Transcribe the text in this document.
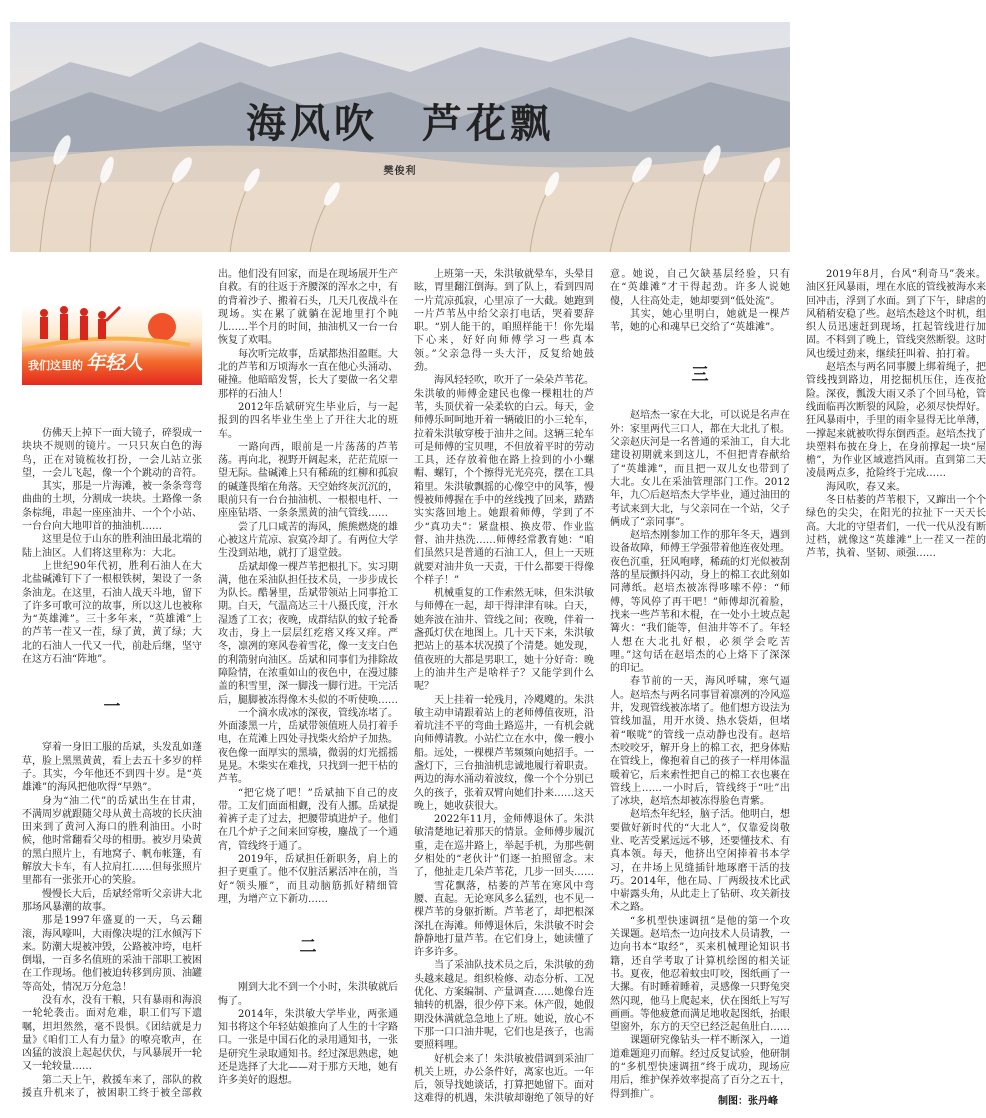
海风吹　芦花飘
樊俊利
我们这里的 年轻人

仿佛天上掉下一面大镜子，碎裂成一块块不规则的镜片。一只只灰白色的海鸟，正在对镜梳妆打扮，一会儿站立张望，一会儿飞起，像一个个跳动的音符。

其实，那是一片海滩，被一条条弯弯曲曲的土坝，分割成一块块。土路像一条条棕绳，串起一座座油井、一个个小站、一台台向大地叩首的抽油机……

这里是位于山东的胜利油田最北端的陆上油区。人们将这里称为：大北。

上世纪90年代初，胜利石油人在大北盐碱滩钉下了一根根铁树，架设了一条条油龙。在这里，石油人战天斗地，留下了许多可歌可泣的故事，所以这儿也被称为“英雄滩”。三十多年来，“英雄滩”上的芦苇一茬又一茬，绿了黄，黄了绿；大北的石油人一代又一代，前赴后继，坚守在这方石油“阵地”。

一

穿着一身旧工服的岳斌，头发乱如蓬草，脸上黑黑黄黄，看上去五十多岁的样子。其实，今年他还不到四十岁。是“英雄滩”的海风把他吹得“早熟”。

身为“油二代”的岳斌出生在甘肃，不满周岁就跟随父母从黄土高坡的长庆油田来到了黄河入海口的胜利油田。小时候，他时常翻看父母的相册。被岁月染黄的黑白照片上，有地窝子、帆布帐篷，有解放大卡车，有人拉肩扛……但每张照片里都有一张张开心的笑脸。

慢慢长大后，岳斌经常听父亲讲大北那场风暴潮的故事。

那是1997年盛夏的一天，乌云翻滚，海风嚎叫，大雨像决堤的江水倾泻下来。防潮大堤被冲毁，公路被冲垮，电杆倒塌，一百多名值班的采油干部职工被困在工作现场。他们被迫转移到房顶、油罐等高处，情况万分危急！

没有水，没有干粮，只有暴雨和海浪一轮轮袭击。面对危难，职工们写下遗嘱，坦坦然然，毫不畏惧。《团结就是力量》《咱们工人有力量》的嘹亮歌声，在凶猛的波浪上起起伏伏，与风暴展开一轮又一轮较量……

第二天上午，救援车来了，部队的救援直升机来了，被困职工终于被全部救出。他们没有回家，而是在现场展开生产自救。有的往返于齐腰深的浑水之中，有的背着沙子、搬着石头，几天几夜战斗在现场。实在累了就躺在泥地里打个盹儿……半个月的时间，抽油机又一台一台恢复了欢唱。

每次听完故事，岳斌都热泪盈眶。大北的芦苇和万顷海水一直在他心头涌动、碰撞。他暗暗发誓，长大了要做一名父辈那样的石油人！

2012年岳斌研究生毕业后，与一起报到的四名毕业生坐上了开往大北的班车。

一路向西，眼前是一片荡荡的芦苇荡。再向北，视野开阔起来，茫茫荒原一望无际。盐碱滩上只有稀疏的红柳和孤寂的碱蓬畏缩在角落。天空始终灰沉沉的，眼前只有一台台抽油机、一根根电杆、一座座钻塔、一条条黑黄的油气管线……

尝了几口咸苦的海风，熊熊燃烧的雄心被这片荒凉、寂寞冷却了。有两位大学生没到站地，就打了退堂鼓。

岳斌却像一棵芦苇把根扎下。实习期满，他在采油队担任技术员，一步步成长为队长。酷暑里，岳斌带领站上同事抢工期。白天，气温高达三十八摄氏度，汗水湿透了工衣；夜晚，成群结队的蚊子轮番攻击，身上一层层红疙瘩又疼又痒。严冬，凛冽的寒风卷着雪花，像一支支白色的利箭射向油区。岳斌和同事们为排除故障险情，在浓重如山的夜色中，在漫过膝盖的积雪里，深一脚浅一脚行进。干完活后，腿脚被冻得像木头似的不听使唤……

一个滴水成冰的深夜，管线冻堵了。外面漆黑一片，岳斌带领值班人员打着手电，在荒滩上四处寻找柴火给炉子加热。夜色像一面厚实的黑墙，微弱的灯光摇摇晃晃。木柴实在难找，只找到一把干枯的芦苇。

“把它烧了吧！”岳斌抽下自己的皮带。工友们面面相觑，没有人挪。岳斌提着裤子走了过去，把腰带填进炉子。他们在几个炉子之间来回穿梭，鏖战了一个通宵，管线终于通了。

2019年，岳斌担任新职务，肩上的担子更重了。他不仅脏活累活冲在前，当好“领头雁”，而且动脑筋抓好精细管理，为增产立下新功……

二

刚到大北不到一个小时，朱洪敏就后悔了。

2014年，朱洪敏大学毕业，两张通知书将这个年轻姑娘推向了人生的十字路口。一张是中国石化的录用通知书，一张是研究生录取通知书。经过深思熟虑，她还是选择了大北——对于那方天地，她有许多美好的遐想。

上班第一天，朱洪敏就晕车，头晕目眩，胃里翻江倒海。到了队上，看到四周一片荒凉孤寂，心里凉了一大截。她跑到一片芦苇丛中给父亲打电话，哭着要辞职。“别人能干的，咱照样能干！你先塌下心来，好好向师傅学习一些真本领。”父亲急得一头大汗，反复给她鼓劲。

海风轻轻吹，吹开了一朵朵芦苇花。朱洪敏的师傅金建民也像一棵粗壮的芦苇，头顶伏着一朵柔软的白云。每天，金师傅乐呵呵地开着一辆破旧的小三轮车，拉着朱洪敏穿梭于油井之间。这辆三轮车可是师傅的宝贝哩，不但放着平时的劳动工具，还存放着他在路上捡到的小小螺帽、螺钉，个个擦得光光亮亮，摆在工具箱里。朱洪敏飘摇的心像空中的风筝，慢慢被师傅握在手中的丝线拽了回来，踏踏实实落回地上。她跟着师傅，学到了不少“真功夫”：紧盘根、换皮带、作业监督、油井热洗……师傅经常教育她：“咱们虽然只是普通的石油工人，但上一天班就要对油井负一天责，干什么都要干得像个样子！”

机械重复的工作索然无味，但朱洪敏与师傅在一起，却干得津津有味。白天，她奔波在油井、管线之间；夜晚，伴着一盏孤灯伏在地图上。几十天下来，朱洪敏把站上的基本状况摸了个清楚。她发现，值夜班的大都是男职工，她十分好奇：晚上的油井生产是啥样子？又能学到什么呢？

天上挂着一轮残月，冷飕飕的。朱洪敏主动申请跟着站上的老师傅值夜班，沿着坑洼不平的弯曲土路巡井，一有机会就向师傅请教。小站伫立在水中，像一艘小船。远处，一棵棵芦苇频频向她招手。一盏灯下，三台抽油机忠诚地履行着职责。两边的海水涌动着波纹，像一个个分别已久的孩子，张着双臂向她们扑来……这天晚上，她收获很大。

2022年11月，金师傅退休了。朱洪敏清楚地记着那天的情景。金师傅步履沉重，走在巡井路上，举起手机，为那些朝夕相处的“老伙计”们逐一拍照留念。末了，他扯走几朵芦苇花，几步一回头……

雪花飘落，枯萎的芦苇在寒风中弯腰、直起。无论寒风多么猛烈，也不见一棵芦苇的身躯折断。芦苇老了，却把根深深扎在海滩。师傅退休后，朱洪敏不时会静静地打量芦苇。在它们身上，她读懂了许多许多。

当了采油队技术员之后，朱洪敏的劲头越来越足。组织检修、动态分析、工况优化、方案编制、产量调查……她像台连轴转的机器，很少停下来。休产假，她假期没休满就急急地上了班。她说，放心不下那一口口油井呢，它们也是孩子，也需要照料哩。

好机会来了！朱洪敏被借调到采油厂机关上班，办公条件好，离家也近。一年后，领导找她谈话，打算把她留下。面对这难得的机遇，朱洪敏却谢绝了领导的好意。她说，自己欠缺基层经验，只有在“英雄滩”才干得起劲。许多人说她傻，人往高处走，她却要到“低处流”。

其实，她心里明白，她就是一棵芦苇，她的心和魂早已交给了“英雄滩”。

三

赵培杰一家在大北，可以说是名声在外：家里两代三口人，都在大北扎了根。父亲赵庆河是一名普通的采油工，自大北建设初期就来到这儿，不但把青春献给了“英雄滩”，而且把一双儿女也带到了大北。女儿在采油管理部门工作。2012年，九〇后赵培杰大学毕业，通过油田的考试来到大北，与父亲同在一个站，父子俩成了“亲同事”。

赵培杰刚参加工作的那年冬天，遇到设备故障，师傅王学强带着他连夜处理。夜色沉重，狂风咆哮，稀疏的灯光似被刮落的星辰颤抖闪动，身上的棉工衣此刻如同薄纸。赵培杰被冻得哆嗦不停：“师傅，等风停了再干吧！”师傅却沉着脸，找来一些芦苇和木棍，在一处小土坡点起篝火：“我们能等，但油井等不了。年轻人想在大北扎好根，必须学会吃苦哩。”这句话在赵培杰的心上烙下了深深的印记。

春节前的一天，海风呼啸，寒气逼人。赵培杰与两名同事冒着凛冽的冷风巡井，发现管线被冻堵了。他们想方设法为管线加温，用开水烫、热水袋焐，但堵着“喉咙”的管线一点动静也没有。赵培杰咬咬牙，解开身上的棉工衣，把身体贴在管线上，像抱着自己的孩子一样用体温暖着它，后来索性把自己的棉工衣也裹在管线上……一小时后，管线终于“吐”出了冰块，赵培杰却被冻得脸色青紫。

赵培杰年纪轻，脑子活。他明白，想要做好新时代的“大北人”，仅靠爱岗敬业、吃苦受累远远不够，还要懂技术、有真本领。每天，他挤出空闲捧着书本学习，在井场上见缝插针地琢磨干活的技巧。2014年，他在局、厂两级技术比武中崭露头角，从此走上了钻研、攻关新技术之路。

“多机型快速调扭”是他的第一个攻关课题。赵培杰一边向技术人员请教，一边向书本“取经”，买来机械理论知识书籍，还自学考取了计算机绘图的相关证书。夏夜，他忍着蚊虫叮咬，图纸画了一大摞。有时睡着睡着，灵感像一只野兔突然闪现，他马上爬起来，伏在图纸上写写画画。等他疲惫而满足地收起图纸，抬眼望窗外，东方的天空已经泛起鱼肚白……

课题研究像钻头一样不断深入，一道道难题迎刃而解。经过反复试验，他研制的“多机型快速调扭”终于成功，现场应用后，维护保养效率提高了百分之五十，得到推广。

2019年8月，台风“利奇马”袭来。油区狂风暴雨，埋在水底的管线被海水来回冲击，浮到了水面。到了下午，肆虐的风稍稍安稳了些。赵培杰趁这个时机，组织人员迅速赶到现场，扛起管线进行加固。不料到了晚上，管线突然断裂。这时风也缓过劲来，继续狂叫着、拍打着。

赵培杰与两名同事腰上绑着绳子，把管线拽到路边，用挖掘机压住，连夜抢险。深夜，瓢泼大雨又杀了个回马枪，管线面临再次断裂的风险，必须尽快焊好。狂风暴雨中，手里的雨伞显得无比单薄，一撑起来就被吹得东倒西歪。赵培杰找了块塑料布披在身上，在身前撑起一块“屋檐”，为作业区域遮挡风雨。直到第二天凌晨两点多，抢险终于完成……

海风吹，春又来。

冬日枯萎的芦苇根下，又蹿出一个个绿色的尖尖，在阳光的拉扯下一天天长高。大北的守望者们，一代一代从没有断过档，就像这“英雄滩”上一茬又一茬的芦苇，执着、坚韧、顽强……

制图：张丹峰
